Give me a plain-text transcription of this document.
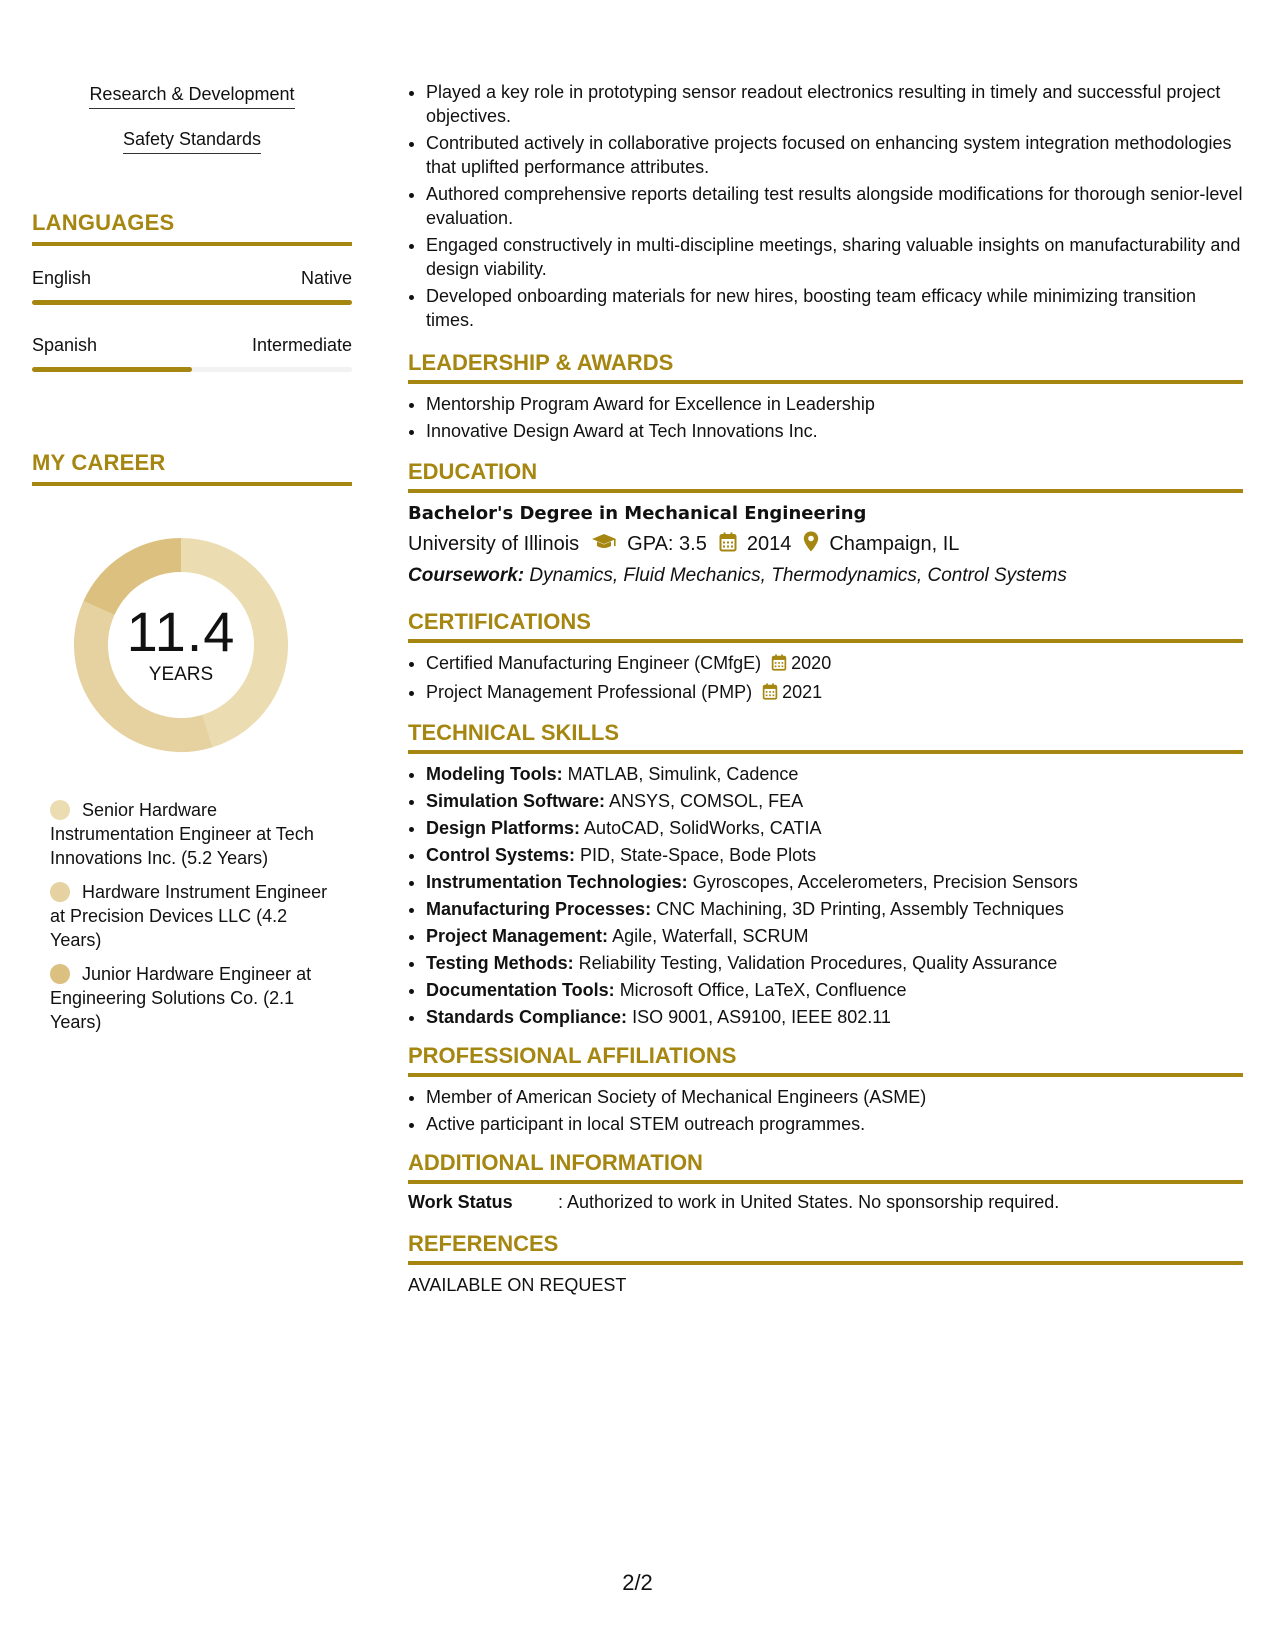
Research & Development
Safety Standards
LANGUAGES
English	Native
Spanish	Intermediate
MY CAREER
11.4
YEARS
Senior Hardware Instrumentation Engineer at Tech Innovations Inc. (5.2 Years)
Hardware Instrument Engineer at Precision Devices LLC (4.2 Years)
Junior Hardware Engineer at Engineering Solutions Co. (2.1 Years)
• Played a key role in prototyping sensor readout electronics resulting in timely and successful project objectives.
• Contributed actively in collaborative projects focused on enhancing system integration methodologies that uplifted performance attributes.
• Authored comprehensive reports detailing test results alongside modifications for thorough senior-level evaluation.
• Engaged constructively in multi-discipline meetings, sharing valuable insights on manufacturability and design viability.
• Developed onboarding materials for new hires, boosting team efficacy while minimizing transition times.
LEADERSHIP & AWARDS
• Mentorship Program Award for Excellence in Leadership
• Innovative Design Award at Tech Innovations Inc.
EDUCATION
Bachelor's Degree in Mechanical Engineering
University of Illinois GPA: 3.5 2014 Champaign, IL
Coursework: Dynamics, Fluid Mechanics, Thermodynamics, Control Systems
CERTIFICATIONS
• Certified Manufacturing Engineer (CMfgE) 2020
• Project Management Professional (PMP) 2021
TECHNICAL SKILLS
• Modeling Tools: MATLAB, Simulink, Cadence
• Simulation Software: ANSYS, COMSOL, FEA
• Design Platforms: AutoCAD, SolidWorks, CATIA
• Control Systems: PID, State-Space, Bode Plots
• Instrumentation Technologies: Gyroscopes, Accelerometers, Precision Sensors
• Manufacturing Processes: CNC Machining, 3D Printing, Assembly Techniques
• Project Management: Agile, Waterfall, SCRUM
• Testing Methods: Reliability Testing, Validation Procedures, Quality Assurance
• Documentation Tools: Microsoft Office, LaTeX, Confluence
• Standards Compliance: ISO 9001, AS9100, IEEE 802.11
PROFESSIONAL AFFILIATIONS
• Member of American Society of Mechanical Engineers (ASME)
• Active participant in local STEM outreach programmes.
ADDITIONAL INFORMATION
Work Status	: Authorized to work in United States. No sponsorship required.
REFERENCES
AVAILABLE ON REQUEST
2/2
